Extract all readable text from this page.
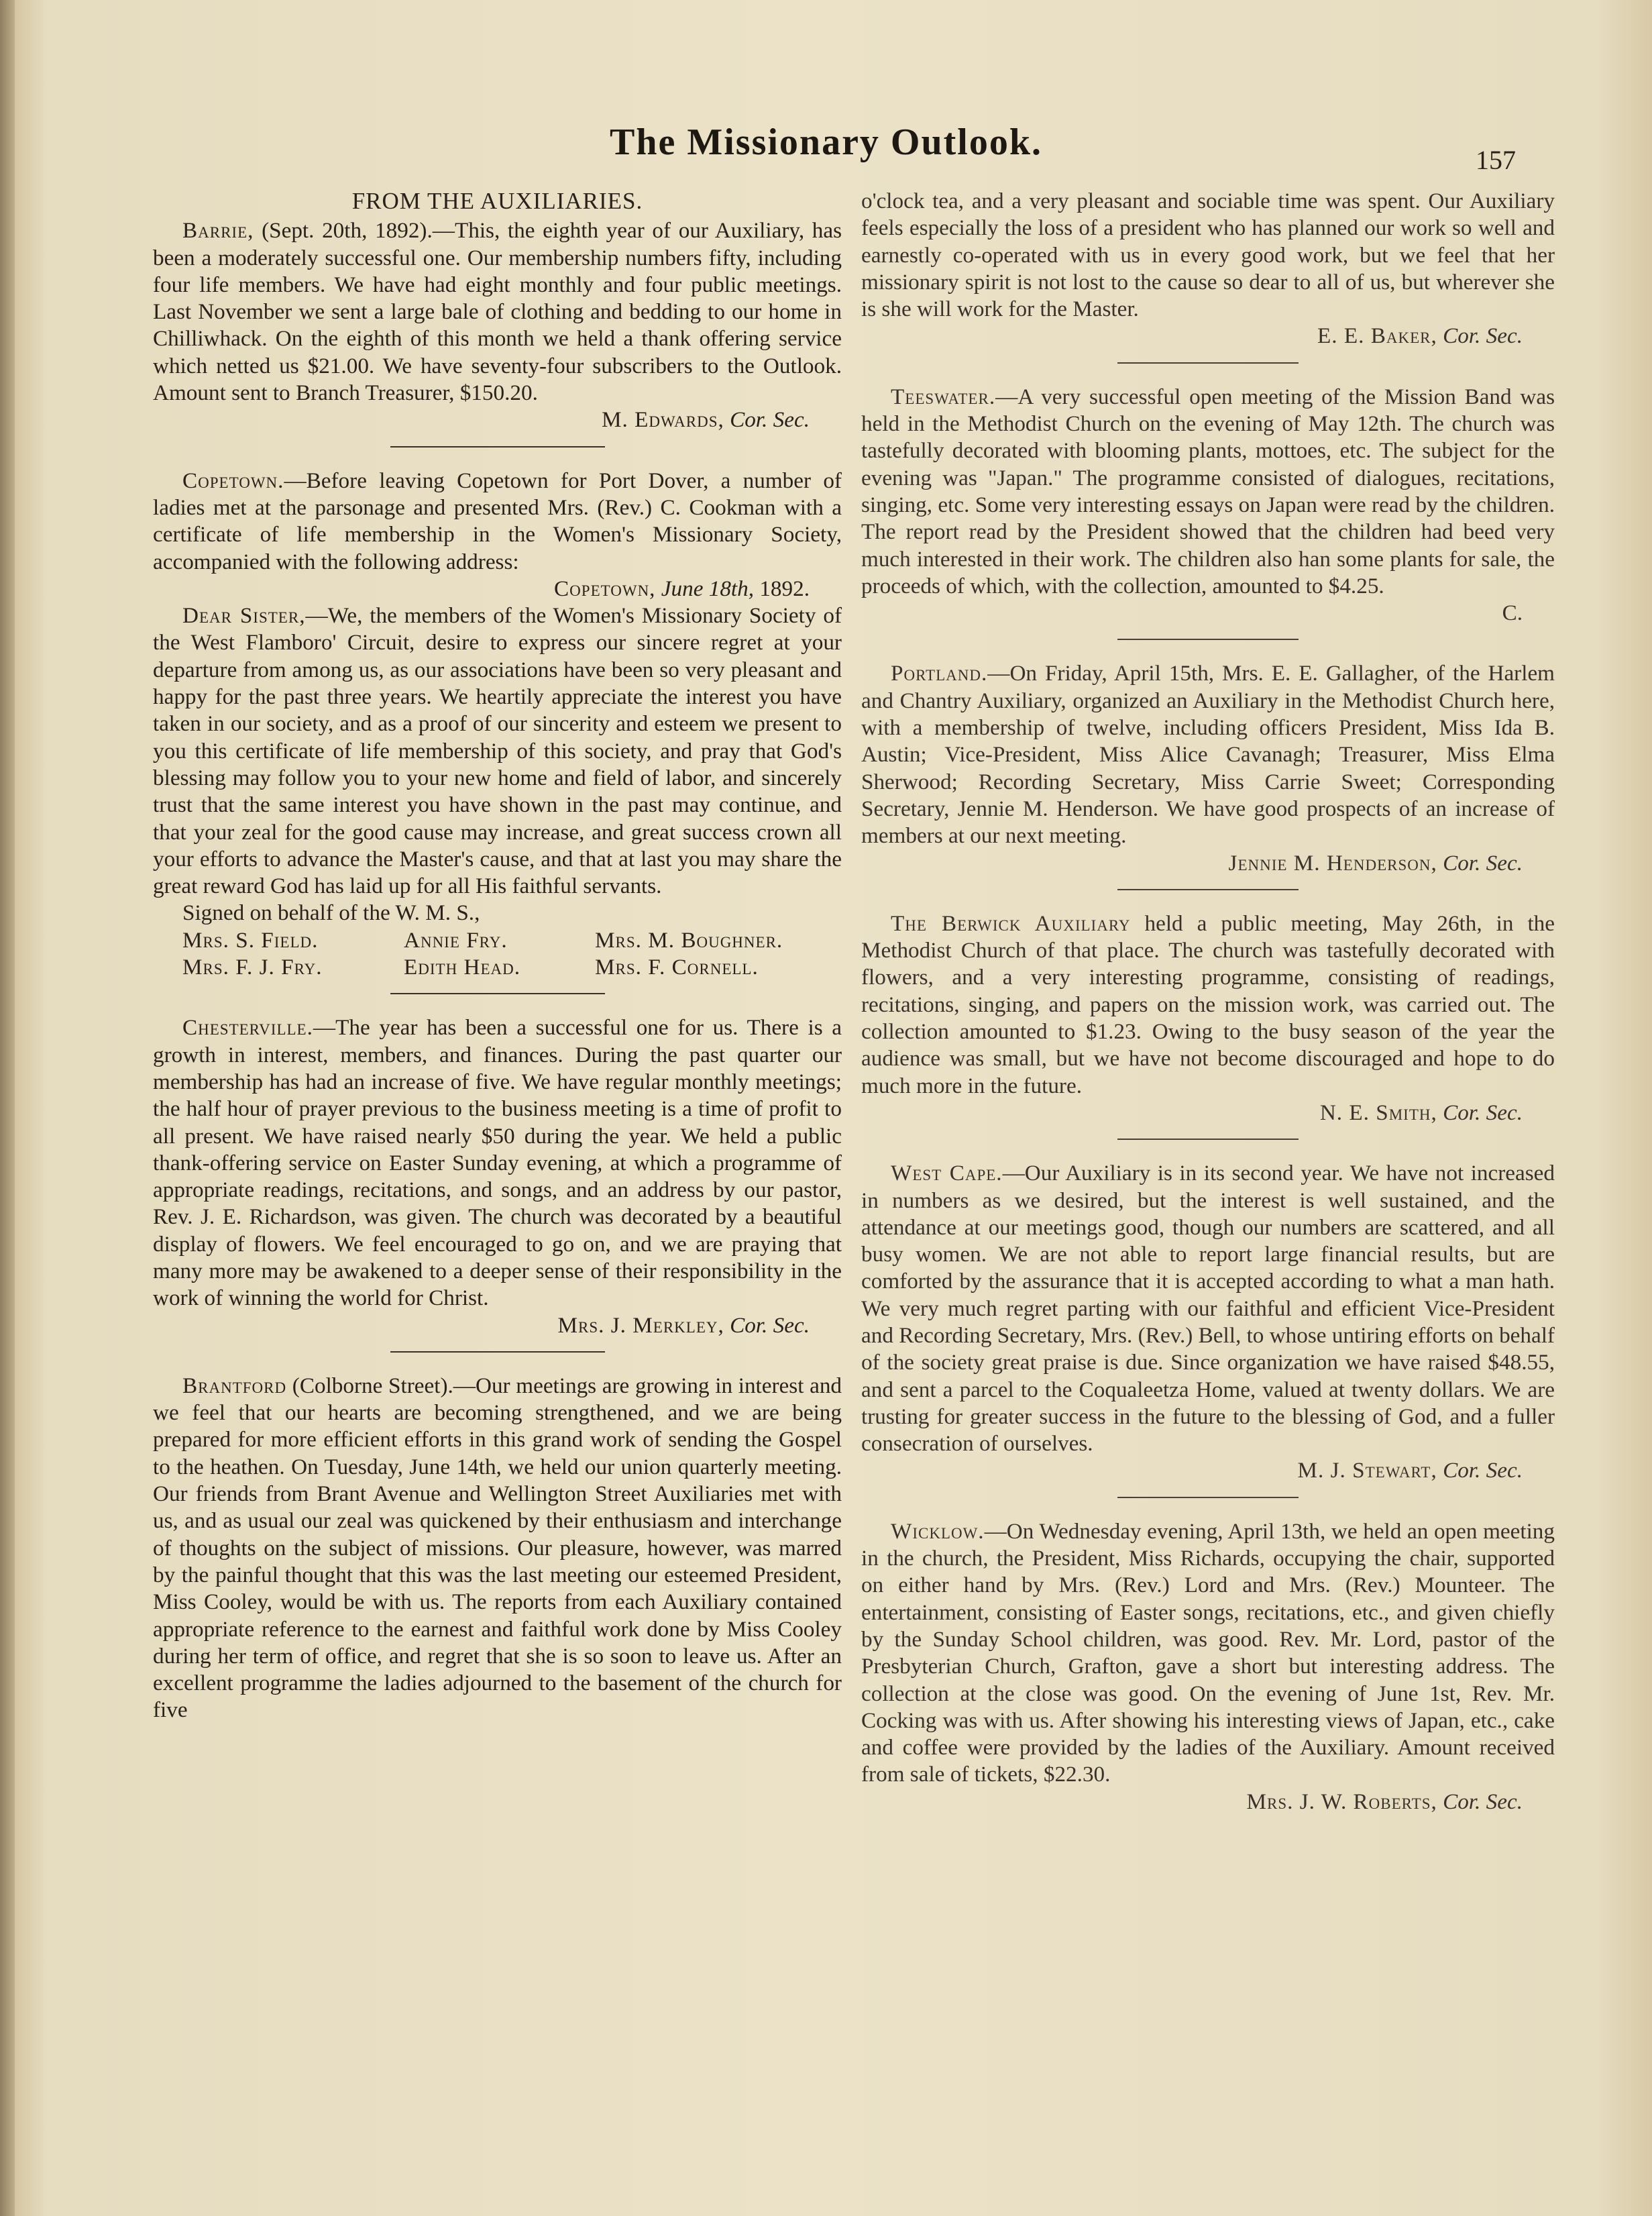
The Missionary Outlook.	157
FROM THE AUXILIARIES.

Barrie, (Sept. 20th, 1892).—This, the eighth year of our Auxiliary, has been a moderately successful one. Our membership numbers fifty, including four life members. We have had eight monthly and four public meetings. Last November we sent a large bale of clothing and bedding to our home in Chilliwhack. On the eighth of this month we held a thank offering service which netted us $21.00. We have seventy-four subscribers to the Outlook. Amount sent to Branch Treasurer, $150.20.

M. Edwards, Cor. Sec.

Copetown.—Before leaving Copetown for Port Dover, a number of ladies met at the parsonage and presented Mrs. (Rev.) C. Cookman with a certificate of life membership in the Women's Missionary Society, accompanied with the following address:

Copetown, June 18th, 1892.

Dear Sister,—We, the members of the Women's Missionary Society of the West Flamboro' Circuit, desire to express our sincere regret at your departure from among us, as our associations have been so very pleasant and happy for the past three years. We heartily appreciate the interest you have taken in our society, and as a proof of our sincerity and esteem we present to you this certificate of life membership of this society, and pray that God's blessing may follow you to your new home and field of labor, and sincerely trust that the same interest you have shown in the past may continue, and that your zeal for the good cause may increase, and great success crown all your efforts to advance the Master's cause, and that at last you may share the great reward God has laid up for all His faithful servants.

Signed on behalf of the W. M. S.,
Mrs. S. Field.	Annie Fry.	Mrs. M. Boughner.
Mrs. F. J. Fry.	Edith Head.	Mrs. F. Cornell.

Chesterville.—The year has been a successful one for us. There is a growth in interest, members, and finances. During the past quarter our membership has had an increase of five. We have regular monthly meetings; the half hour of prayer previous to the business meeting is a time of profit to all present. We have raised nearly $50 during the year. We held a public thank-offering service on Easter Sunday evening, at which a programme of appropriate readings, recitations, and songs, and an address by our pastor, Rev. J. E. Richardson, was given. The church was decorated by a beautiful display of flowers. We feel encouraged to go on, and we are praying that many more may be awakened to a deeper sense of their responsibility in the work of winning the world for Christ.

Mrs. J. Merkley, Cor. Sec.

Brantford (Colborne Street).—Our meetings are growing in interest and we feel that our hearts are becoming strengthened, and we are being prepared for more efficient efforts in this grand work of sending the Gospel to the heathen. On Tuesday, June 14th, we held our union quarterly meeting. Our friends from Brant Avenue and Wellington Street Auxiliaries met with us, and as usual our zeal was quickened by their enthusiasm and interchange of thoughts on the subject of missions. Our pleasure, however, was marred by the painful thought that this was the last meeting our esteemed President, Miss Cooley, would be with us. The reports from each Auxiliary contained appropriate reference to the earnest and faithful work done by Miss Cooley during her term of office, and regret that she is so soon to leave us. After an excellent programme the ladies adjourned to the basement of the church for five

o'clock tea, and a very pleasant and sociable time was spent. Our Auxiliary feels especially the loss of a president who has planned our work so well and earnestly co-operated with us in every good work, but we feel that her missionary spirit is not lost to the cause so dear to all of us, but wherever she is she will work for the Master.

E. E. Baker, Cor. Sec.

Teeswater.—A very successful open meeting of the Mission Band was held in the Methodist Church on the evening of May 12th. The church was tastefully decorated with blooming plants, mottoes, etc. The subject for the evening was "Japan." The programme consisted of dialogues, recitations, singing, etc. Some very interesting essays on Japan were read by the children. The report read by the President showed that the children had beed very much interested in their work. The children also han some plants for sale, the proceeds of which, with the collection, amounted to $4.25.

C.

Portland.—On Friday, April 15th, Mrs. E. E. Gallagher, of the Harlem and Chantry Auxiliary, organized an Auxiliary in the Methodist Church here, with a membership of twelve, including officers President, Miss Ida B. Austin; Vice-President, Miss Alice Cavanagh; Treasurer, Miss Elma Sherwood; Recording Secretary, Miss Carrie Sweet; Corresponding Secretary, Jennie M. Henderson. We have good prospects of an increase of members at our next meeting.

Jennie M. Henderson, Cor. Sec.

The Berwick Auxiliary held a public meeting, May 26th, in the Methodist Church of that place. The church was tastefully decorated with flowers, and a very interesting programme, consisting of readings, recitations, singing, and papers on the mission work, was carried out. The collection amounted to $1.23. Owing to the busy season of the year the audience was small, but we have not become discouraged and hope to do much more in the future.

N. E. Smith, Cor. Sec.

West Cape.—Our Auxiliary is in its second year. We have not increased in numbers as we desired, but the interest is well sustained, and the attendance at our meetings good, though our numbers are scattered, and all busy women. We are not able to report large financial results, but are comforted by the assurance that it is accepted according to what a man hath. We very much regret parting with our faithful and efficient Vice-President and Recording Secretary, Mrs. (Rev.) Bell, to whose untiring efforts on behalf of the society great praise is due. Since organization we have raised $48.55, and sent a parcel to the Coqualeetza Home, valued at twenty dollars. We are trusting for greater success in the future to the blessing of God, and a fuller consecration of ourselves.

M. J. Stewart, Cor. Sec.

Wicklow.—On Wednesday evening, April 13th, we held an open meeting in the church, the President, Miss Richards, occupying the chair, supported on either hand by Mrs. (Rev.) Lord and Mrs. (Rev.) Mounteer. The entertainment, consisting of Easter songs, recitations, etc., and given chiefly by the Sunday School children, was good. Rev. Mr. Lord, pastor of the Presbyterian Church, Grafton, gave a short but interesting address. The collection at the close was good. On the evening of June 1st, Rev. Mr. Cocking was with us. After showing his interesting views of Japan, etc., cake and coffee were provided by the ladies of the Auxiliary. Amount received from sale of tickets, $22.30.

Mrs. J. W. Roberts, Cor. Sec.
